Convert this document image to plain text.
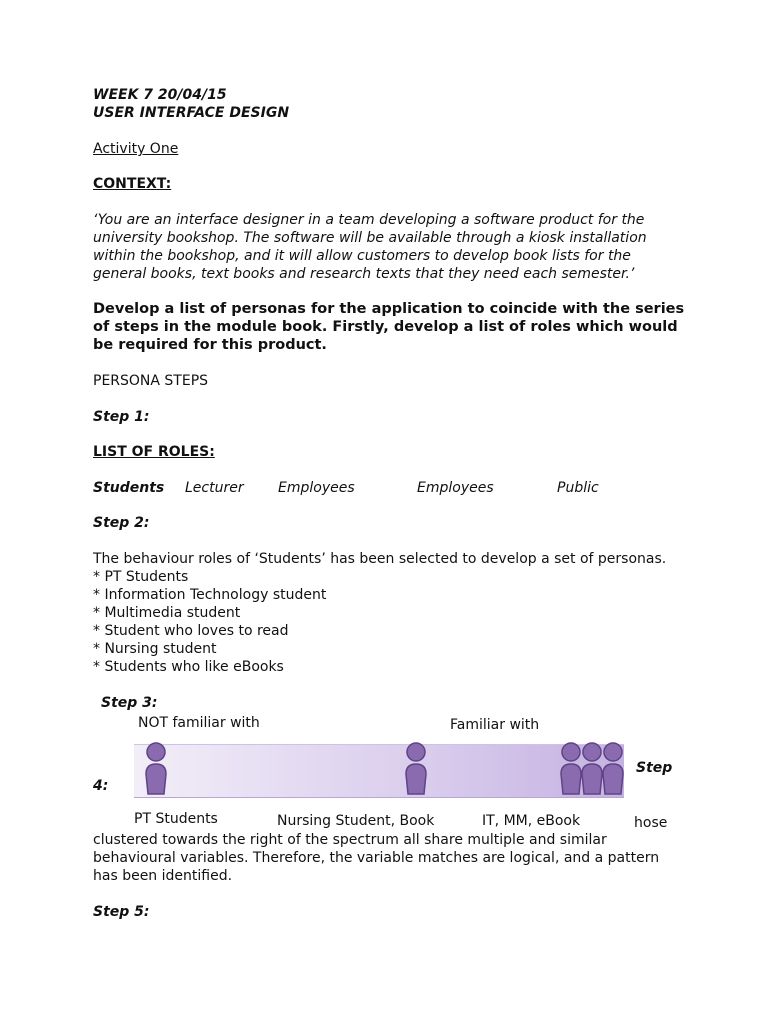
WEEK 7 20/04/15
USER INTERFACE DESIGN
Activity One
CONTEXT:
‘You are an interface designer in a team developing a software product for the
university bookshop. The software will be available through a kiosk installation
within the bookshop, and it will allow customers to develop book lists for the
general books, text books and research texts that they need each semester.’
Develop a list of personas for the application to coincide with the series
of steps in the module book. Firstly, develop a list of roles which would
be required for this product.
PERSONA STEPS
Step 1:
LIST OF ROLES:
Students Lecturer Employees	Employees	Public
Step 2:
The behaviour roles of ‘Students’ has been selected to develop a set of personas.
* PT Students
* Information Technology student
* Multimedia student
* Student who loves to read
* Nursing student
* Students who like eBooks
Step 3:
NOT familiar with	Familiar with
4:
Step
hose
clustered towards the right of the spectrum all share multiple and similar
behavioural variables. Therefore, the variable matches are logical, and a pattern
has been identified.
PT Students	Nursing Student, Book	IT, MM, eBook
Step 5:
